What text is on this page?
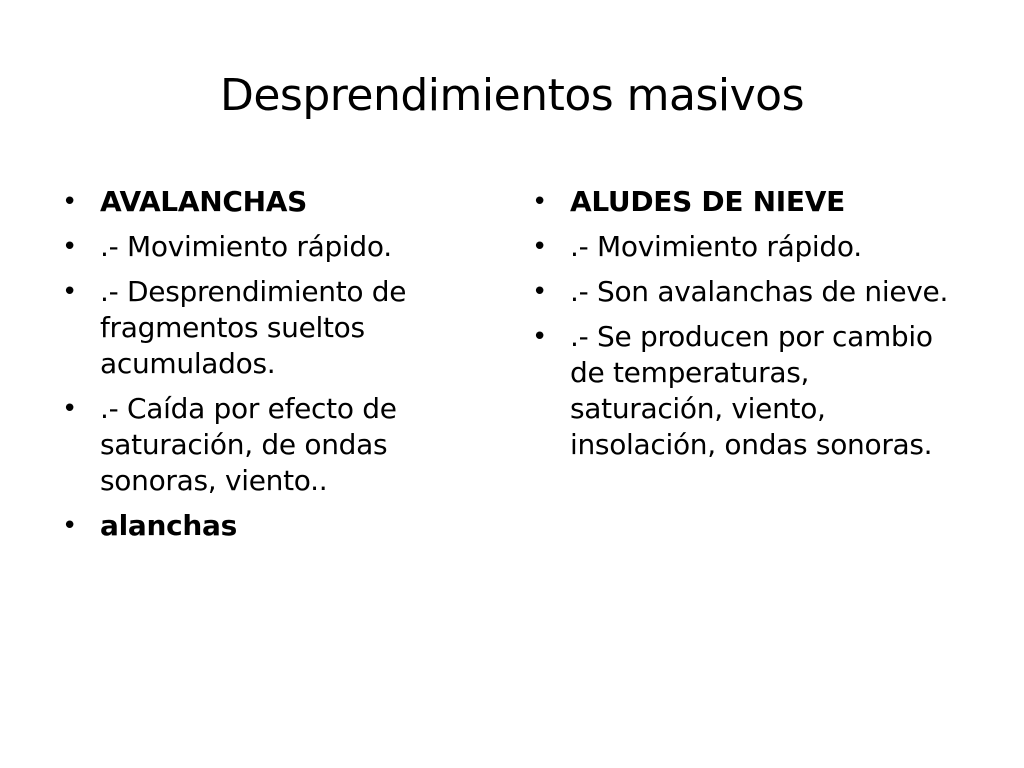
Desprendimientos masivos
• AVALANCHAS
• .- Movimiento rápido.
• .- Desprendimiento de fragmentos sueltos acumulados.
• .- Caída por efecto de saturación, de ondas sonoras, viento..
• alanchas
• ALUDES DE NIEVE
• .- Movimiento rápido.
• .- Son avalanchas de nieve.
• .- Se producen por cambio de temperaturas, saturación, viento, insolación, ondas sonoras.
